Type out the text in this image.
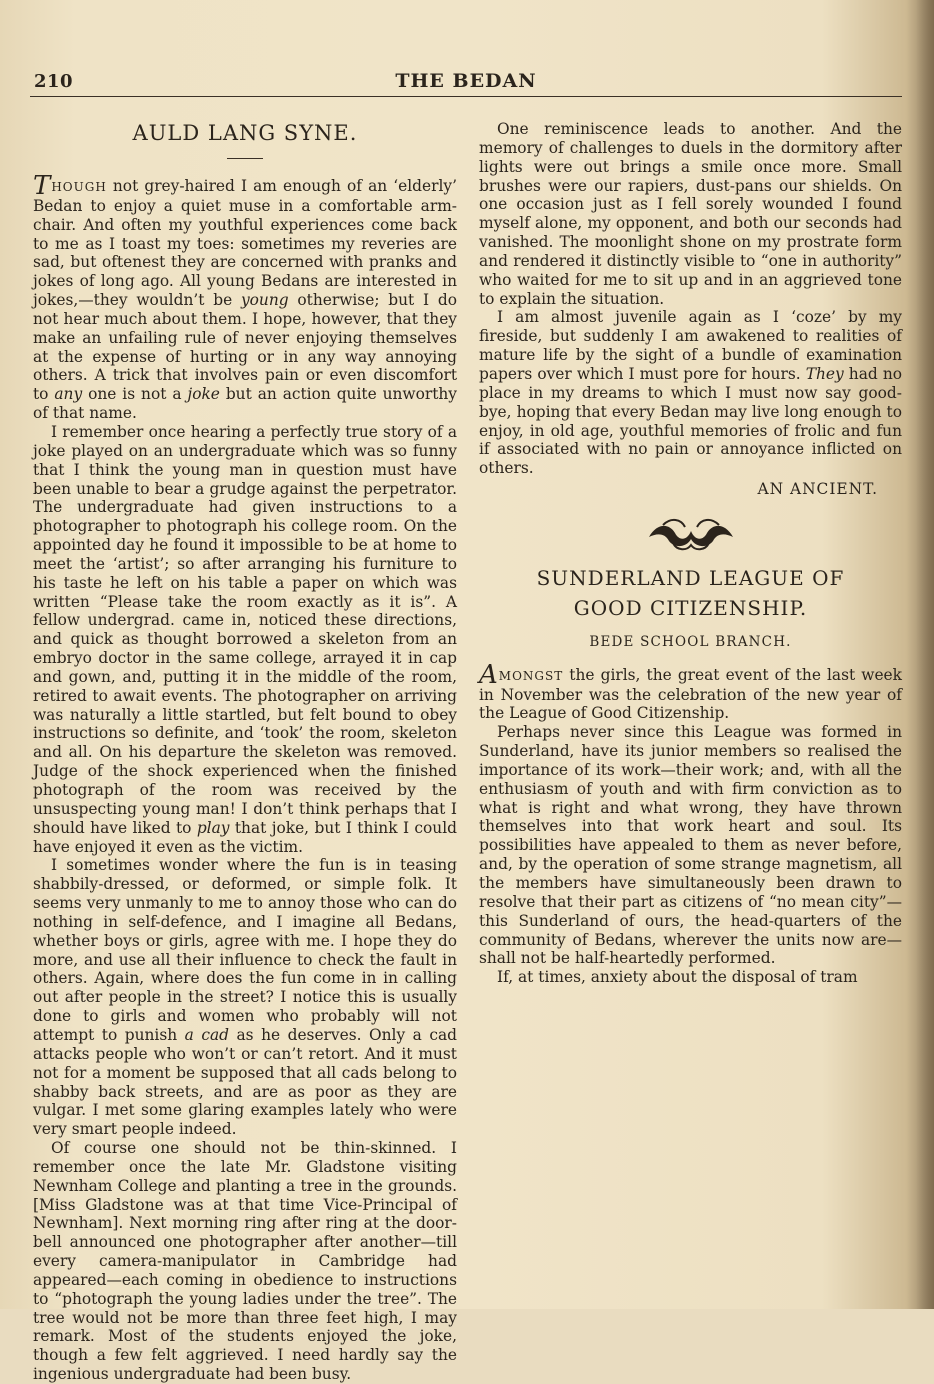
210	THE BEDAN
AULD LANG SYNE.

THOUGH not grey-haired I am enough of an ‘elderly’ Bedan to enjoy a quiet muse in a comfortable arm-chair. And often my youthful experiences come back to me as I toast my toes: sometimes my reveries are sad, but oftenest they are concerned with pranks and jokes of long ago. All young Bedans are interested in jokes,—they wouldn’t be young otherwise; but I do not hear much about them. I hope, however, that they make an unfailing rule of never enjoying themselves at the expense of hurting or in any way annoying others. A trick that involves pain or even discomfort to any one is not a joke but an action quite unworthy of that name.

I remember once hearing a perfectly true story of a joke played on an undergraduate which was so funny that I think the young man in question must have been unable to bear a grudge against the perpetrator. The undergraduate had given instructions to a photographer to photograph his college room. On the appointed day he found it impossible to be at home to meet the ‘artist’; so after arranging his furniture to his taste he left on his table a paper on which was written “Please take the room exactly as it is”. A fellow undergrad. came in, noticed these directions, and quick as thought borrowed a skeleton from an embryo doctor in the same college, arrayed it in cap and gown, and, putting it in the middle of the room, retired to await events. The photographer on arriving was naturally a little startled, but felt bound to obey instructions so definite, and ‘took’ the room, skeleton and all. On his departure the skeleton was removed. Judge of the shock experienced when the finished photograph of the room was received by the unsuspecting young man! I don’t think perhaps that I should have liked to play that joke, but I think I could have enjoyed it even as the victim.

I sometimes wonder where the fun is in teasing shabbily-dressed, or deformed, or simple folk. It seems very unmanly to me to annoy those who can do nothing in self-defence, and I imagine all Bedans, whether boys or girls, agree with me. I hope they do more, and use all their influence to check the fault in others. Again, where does the fun come in in calling out after people in the street? I notice this is usually done to girls and women who probably will not attempt to punish a cad as he deserves. Only a cad attacks people who won’t or can’t retort. And it must not for a moment be supposed that all cads belong to shabby back streets, and are as poor as they are vulgar. I met some glaring examples lately who were very smart people indeed.

Of course one should not be thin-skinned. I remember once the late Mr. Gladstone visiting Newnham College and planting a tree in the grounds. [Miss Gladstone was at that time Vice-Principal of Newnham]. Next morning ring after ring at the door-bell announced one photographer after another—till every camera-manipulator in Cambridge had appeared—each coming in obedience to instructions to “photograph the young ladies under the tree”. The tree would not be more than three feet high, I may remark. Most of the students enjoyed the joke, though a few felt aggrieved. I need hardly say the ingenious undergraduate had been busy.

One reminiscence leads to another. And the memory of challenges to duels in the dormitory after lights were out brings a smile once more. Small brushes were our rapiers, dust-pans our shields. On one occasion just as I fell sorely wounded I found myself alone, my opponent, and both our seconds had vanished. The moonlight shone on my prostrate form and rendered it distinctly visible to “one in authority” who waited for me to sit up and in an aggrieved tone to explain the situation.

I am almost juvenile again as I ‘coze’ by my fireside, but suddenly I am awakened to realities of mature life by the sight of a bundle of examination papers over which I must pore for hours. They had no place in my dreams to which I must now say good-bye, hoping that every Bedan may live long enough to enjoy, in old age, youthful memories of frolic and fun if associated with no pain or annoyance inflicted on others.

AN ANCIENT.
SUNDERLAND LEAGUE OF
GOOD CITIZENSHIP.
BEDE SCHOOL BRANCH.

AMONGST the girls, the great event of the last week in November was the celebration of the new year of the League of Good Citizenship.

Perhaps never since this League was formed in Sunderland, have its junior members so realised the importance of its work—their work; and, with all the enthusiasm of youth and with firm conviction as to what is right and what wrong, they have thrown themselves into that work heart and soul. Its possibilities have appealed to them as never before, and, by the operation of some strange magnetism, all the members have simultaneously been drawn to resolve that their part as citizens of “no mean city”—this Sunderland of ours, the head-quarters of the community of Bedans, wherever the units now are—shall not be half-heartedly performed.

If, at times, anxiety about the disposal of tram
